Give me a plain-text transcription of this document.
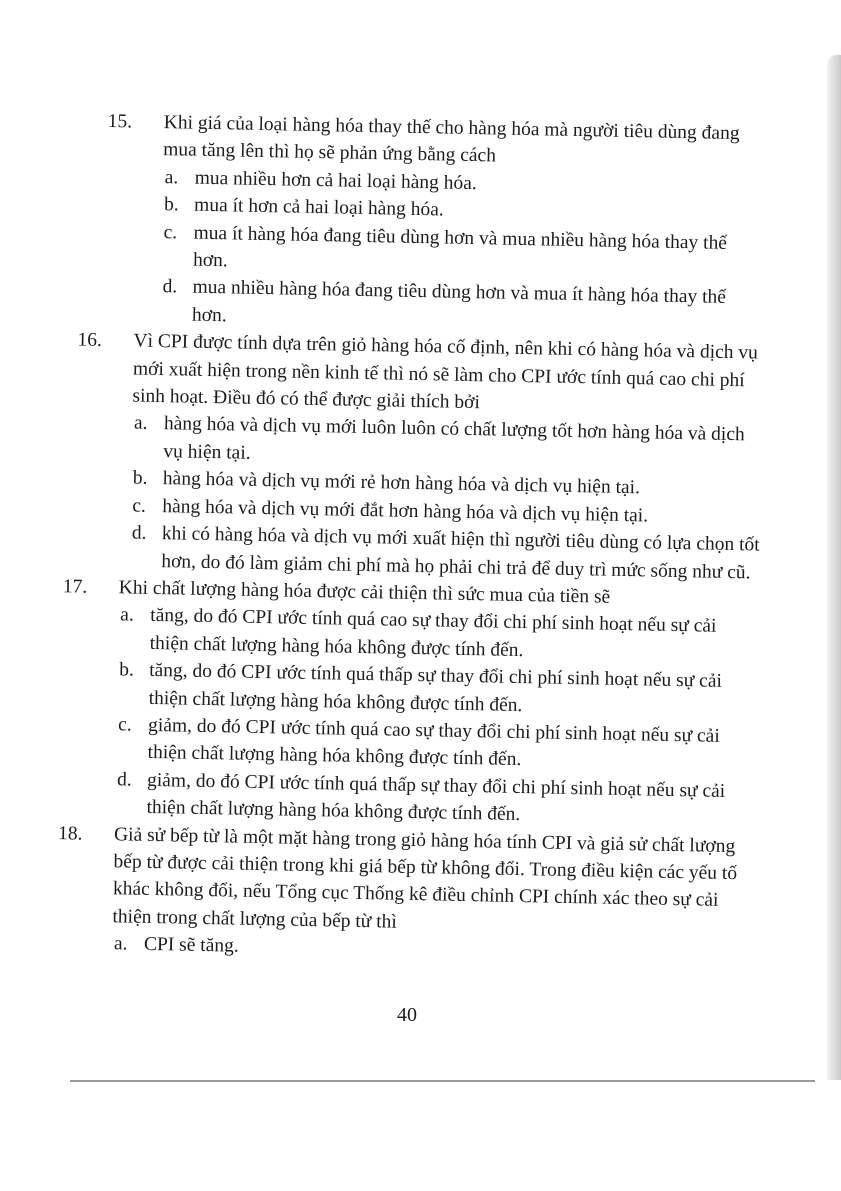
15.	Khi giá của loại hàng hóa thay thế cho hàng hóa mà người tiêu dùng đang mua tăng lên thì họ sẽ phản ứng bằng cách
a. mua nhiều hơn cả hai loại hàng hóa.
b. mua ít hơn cả hai loại hàng hóa.
c. mua ít hàng hóa đang tiêu dùng hơn và mua nhiều hàng hóa thay thế hơn.
d. mua nhiều hàng hóa đang tiêu dùng hơn và mua ít hàng hóa thay thế hơn.
16.	Vì CPI được tính dựa trên giỏ hàng hóa cố định, nên khi có hàng hóa và dịch vụ mới xuất hiện trong nền kinh tế thì nó sẽ làm cho CPI ước tính quá cao chi phí sinh hoạt. Điều đó có thể được giải thích bởi
a. hàng hóa và dịch vụ mới luôn luôn có chất lượng tốt hơn hàng hóa và dịch vụ hiện tại.
b. hàng hóa và dịch vụ mới rẻ hơn hàng hóa và dịch vụ hiện tại.
c. hàng hóa và dịch vụ mới đắt hơn hàng hóa và dịch vụ hiện tại.
d. khi có hàng hóa và dịch vụ mới xuất hiện thì người tiêu dùng có lựa chọn tốt hơn, do đó làm giảm chi phí mà họ phải chi trả để duy trì mức sống như cũ.
17.	Khi chất lượng hàng hóa được cải thiện thì sức mua của tiền sẽ
a. tăng, do đó CPI ước tính quá cao sự thay đổi chi phí sinh hoạt nếu sự cải thiện chất lượng hàng hóa không được tính đến.
b. tăng, do đó CPI ước tính quá thấp sự thay đổi chi phí sinh hoạt nếu sự cải thiện chất lượng hàng hóa không được tính đến.
c. giảm, do đó CPI ước tính quá cao sự thay đổi chi phí sinh hoạt nếu sự cải thiện chất lượng hàng hóa không được tính đến.
d. giảm, do đó CPI ước tính quá thấp sự thay đổi chi phí sinh hoạt nếu sự cải thiện chất lượng hàng hóa không được tính đến.
18.	Giả sử bếp từ là một mặt hàng trong giỏ hàng hóa tính CPI và giả sử chất lượng bếp từ được cải thiện trong khi giá bếp từ không đổi. Trong điều kiện các yếu tố khác không đổi, nếu Tổng cục Thống kê điều chỉnh CPI chính xác theo sự cải thiện trong chất lượng của bếp từ thì
a. CPI sẽ tăng.
40
